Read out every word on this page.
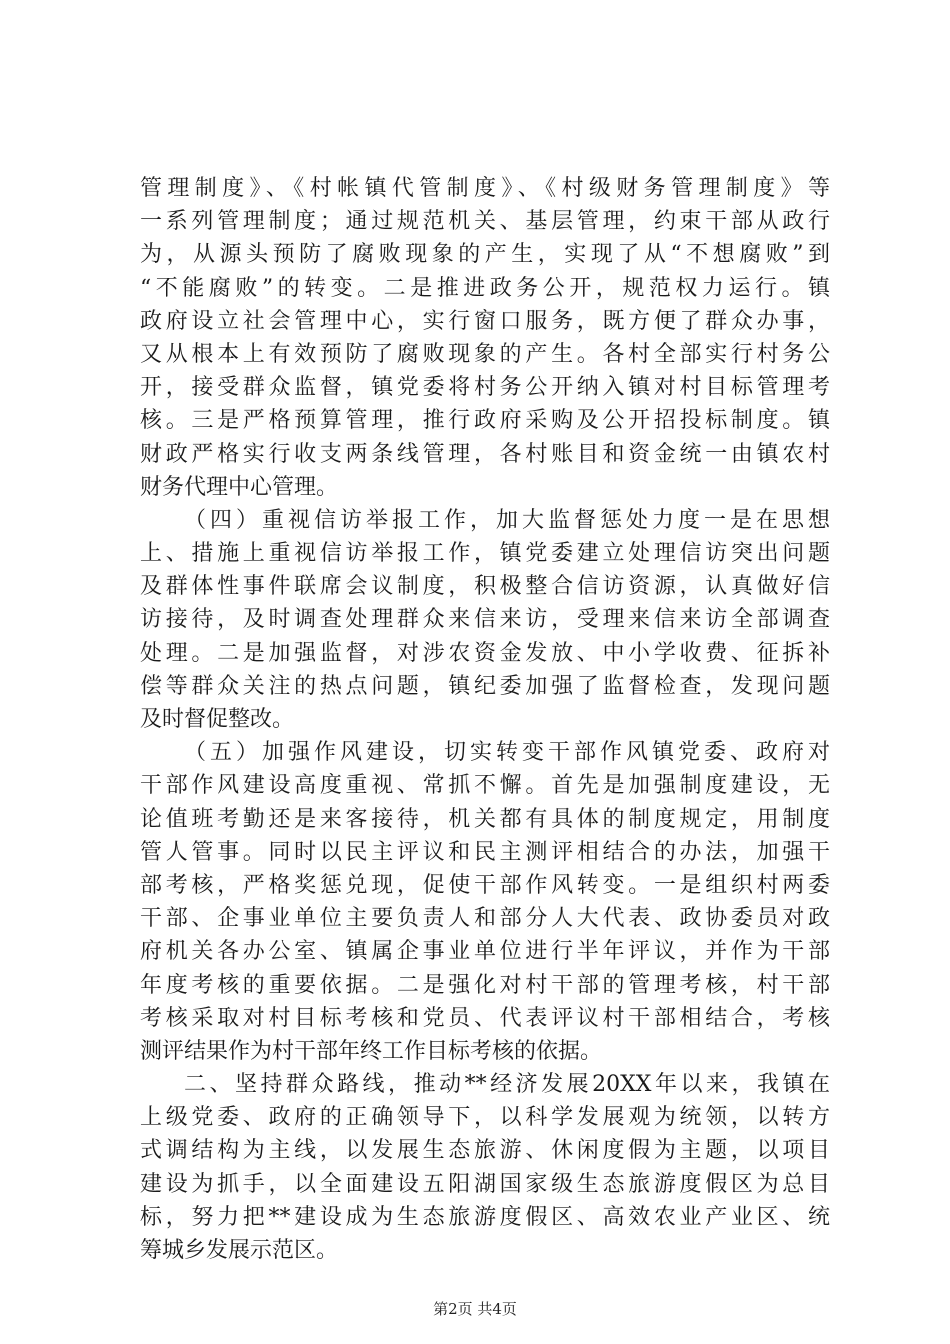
管理制度》、《村帐镇代管制度》、《村级财务管理制度》等
一系列管理制度；通过规范机关、基层管理，约束干部从政行
为，从源头预防了腐败现象的产生，实现了从“不想腐败”到
“不能腐败”的转变。二是推进政务公开，规范权力运行。镇
政府设立社会管理中心，实行窗口服务，既方便了群众办事，
又从根本上有效预防了腐败现象的产生。各村全部实行村务公
开，接受群众监督，镇党委将村务公开纳入镇对村目标管理考
核。三是严格预算管理，推行政府采购及公开招投标制度。镇
财政严格实行收支两条线管理，各村账目和资金统一由镇农村
财务代理中心管理。
（四）重视信访举报工作，加大监督惩处力度一是在思想
上、措施上重视信访举报工作，镇党委建立处理信访突出问题
及群体性事件联席会议制度，积极整合信访资源，认真做好信
访接待，及时调查处理群众来信来访，受理来信来访全部调查
处理。二是加强监督，对涉农资金发放、中小学收费、征拆补
偿等群众关注的热点问题，镇纪委加强了监督检查，发现问题
及时督促整改。
（五）加强作风建设，切实转变干部作风镇党委、政府对
干部作风建设高度重视、常抓不懈。首先是加强制度建设，无
论值班考勤还是来客接待，机关都有具体的制度规定，用制度
管人管事。同时以民主评议和民主测评相结合的办法，加强干
部考核，严格奖惩兑现，促使干部作风转变。一是组织村两委
干部、企事业单位主要负责人和部分人大代表、政协委员对政
府机关各办公室、镇属企事业单位进行半年评议，并作为干部
年度考核的重要依据。二是强化对村干部的管理考核，村干部
考核采取对村目标考核和党员、代表评议村干部相结合，考核
测评结果作为村干部年终工作目标考核的依据。
二、坚持群众路线，推动**经济发展20XX年以来，我镇在
上级党委、政府的正确领导下，以科学发展观为统领，以转方
式调结构为主线，以发展生态旅游、休闲度假为主题，以项目
建设为抓手，以全面建设五阳湖国家级生态旅游度假区为总目
标，努力把**建设成为生态旅游度假区、高效农业产业区、统
筹城乡发展示范区。
第2页 共4页
